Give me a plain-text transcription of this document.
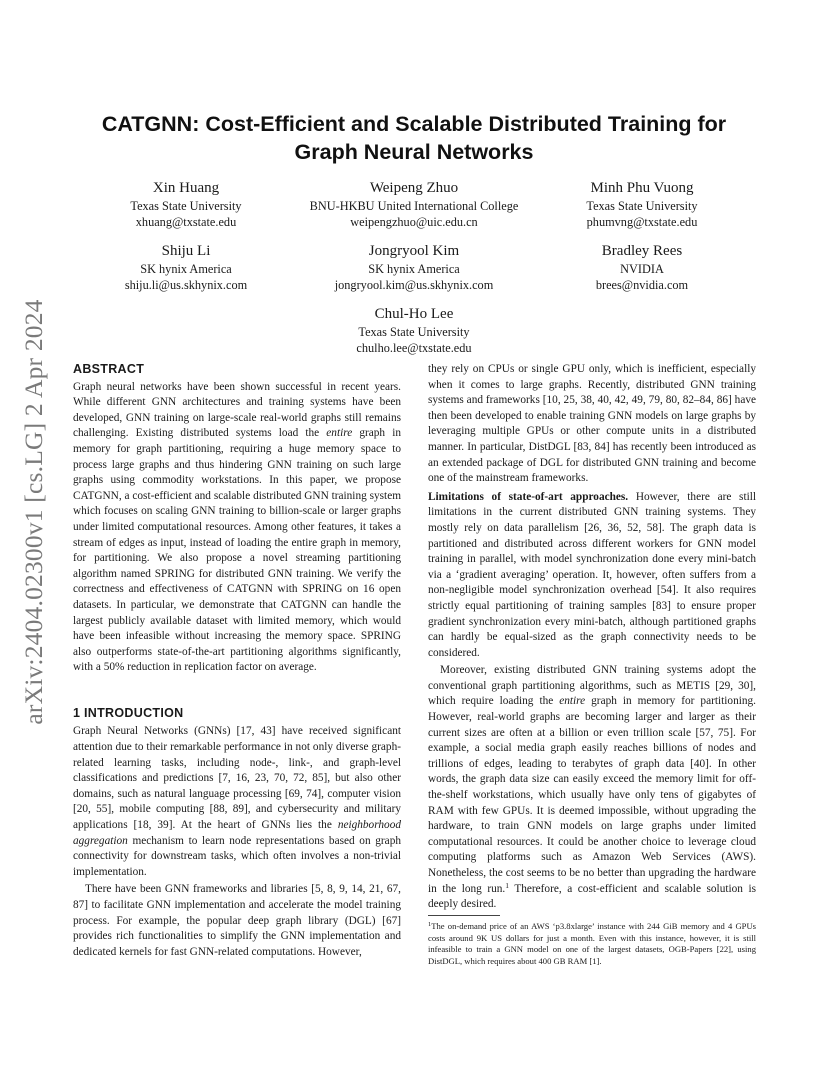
arXiv:2404.02300v1 [cs.LG] 2 Apr 2024
CATGNN: Cost-Efficient and Scalable Distributed Training for
Graph Neural Networks
Xin Huang
Texas State University
xhuang@txstate.edu
Weipeng Zhuo
BNU-HKBU United International College
weipengzhuo@uic.edu.cn
Minh Phu Vuong
Texas State University
phumvng@txstate.edu
Shiju Li
SK hynix America
shiju.li@us.skhynix.com
Jongryool Kim
SK hynix America
jongryool.kim@us.skhynix.com
Bradley Rees
NVIDIA
brees@nvidia.com
Chul-Ho Lee
Texas State University
chulho.lee@txstate.edu
ABSTRACT

Graph neural networks have been shown successful in recent years. While different GNN architectures and training systems have been developed, GNN training on large-scale real-world graphs still remains challenging. Existing distributed systems load the entire graph in memory for graph partitioning, requiring a huge memory space to process large graphs and thus hindering GNN training on such large graphs using commodity workstations. In this paper, we propose CATGNN, a cost-efficient and scalable distributed GNN training system which focuses on scaling GNN training to billion-scale or larger graphs under limited computational resources. Among other features, it takes a stream of edges as input, instead of loading the entire graph in memory, for partitioning. We also propose a novel streaming partitioning algorithm named SPRING for distributed GNN training. We verify the correctness and effectiveness of CATGNN with SPRING on 16 open datasets. In particular, we demonstrate that CATGNN can handle the largest publicly available dataset with limited memory, which would have been infeasible without increasing the memory space. SPRING also outperforms state-of-the-art partitioning algorithms significantly, with a 50% reduction in replication factor on average.

1 INTRODUCTION

Graph Neural Networks (GNNs) [17, 43] have received significant attention due to their remarkable performance in not only diverse graph-related learning tasks, including node-, link-, and graph-level classifications and predictions [7, 16, 23, 70, 72, 85], but also other domains, such as natural language processing [69, 74], computer vision [20, 55], mobile computing [88, 89], and cybersecurity and military applications [18, 39]. At the heart of GNNs lies the neighborhood aggregation mechanism to learn node representations based on graph connectivity for downstream tasks, which often involves a non-trivial implementation.

There have been GNN frameworks and libraries [5, 8, 9, 14, 21, 67, 87] to facilitate GNN implementation and accelerate the model training process. For example, the popular deep graph library (DGL) [67] provides rich functionalities to simplify the GNN implementation and dedicated kernels for fast GNN-related computations. However,

they rely on CPUs or single GPU only, which is inefficient, especially when it comes to large graphs. Recently, distributed GNN training systems and frameworks [10, 25, 38, 40, 42, 49, 79, 80, 82–84, 86] have then been developed to enable training GNN models on large graphs by leveraging multiple GPUs or other compute units in a distributed manner. In particular, DistDGL [83, 84] has recently been introduced as an extended package of DGL for distributed GNN training and become one of the mainstream frameworks.

Limitations of state-of-art approaches. However, there are still limitations in the current distributed GNN training systems. They mostly rely on data parallelism [26, 36, 52, 58]. The graph data is partitioned and distributed across different workers for GNN model training in parallel, with model synchronization done every mini-batch via a ‘gradient averaging’ operation. It, however, often suffers from a non-negligible model synchronization overhead [54]. It also requires strictly equal partitioning of training samples [83] to ensure proper gradient synchronization every mini-batch, although partitioned graphs can hardly be equal-sized as the graph connectivity needs to be considered.

Moreover, existing distributed GNN training systems adopt the conventional graph partitioning algorithms, such as METIS [29, 30], which require loading the entire graph in memory for partitioning. However, real-world graphs are becoming larger and larger as their current sizes are often at a billion or even trillion scale [57, 75]. For example, a social media graph easily reaches billions of nodes and trillions of edges, leading to terabytes of graph data [40]. In other words, the graph data size can easily exceed the memory limit for off-the-shelf workstations, which usually have only tens of gigabytes of RAM with few GPUs. It is deemed impossible, without upgrading the hardware, to train GNN models on large graphs under limited computational resources. It could be another choice to leverage cloud computing platforms such as Amazon Web Services (AWS). Nonetheless, the cost seems to be no better than upgrading the hardware in the long run.$^1$ Therefore, a cost-efficient and scalable solution is deeply desired.

$^1$The on-demand price of an AWS ‘p3.8xlarge’ instance with 244 GiB memory and 4 GPUs costs around 9K US dollars for just a month. Even with this instance, however, it is still infeasible to train a GNN model on one of the largest datasets, OGB-Papers [22], using DistDGL, which requires about 400 GB RAM [1].
